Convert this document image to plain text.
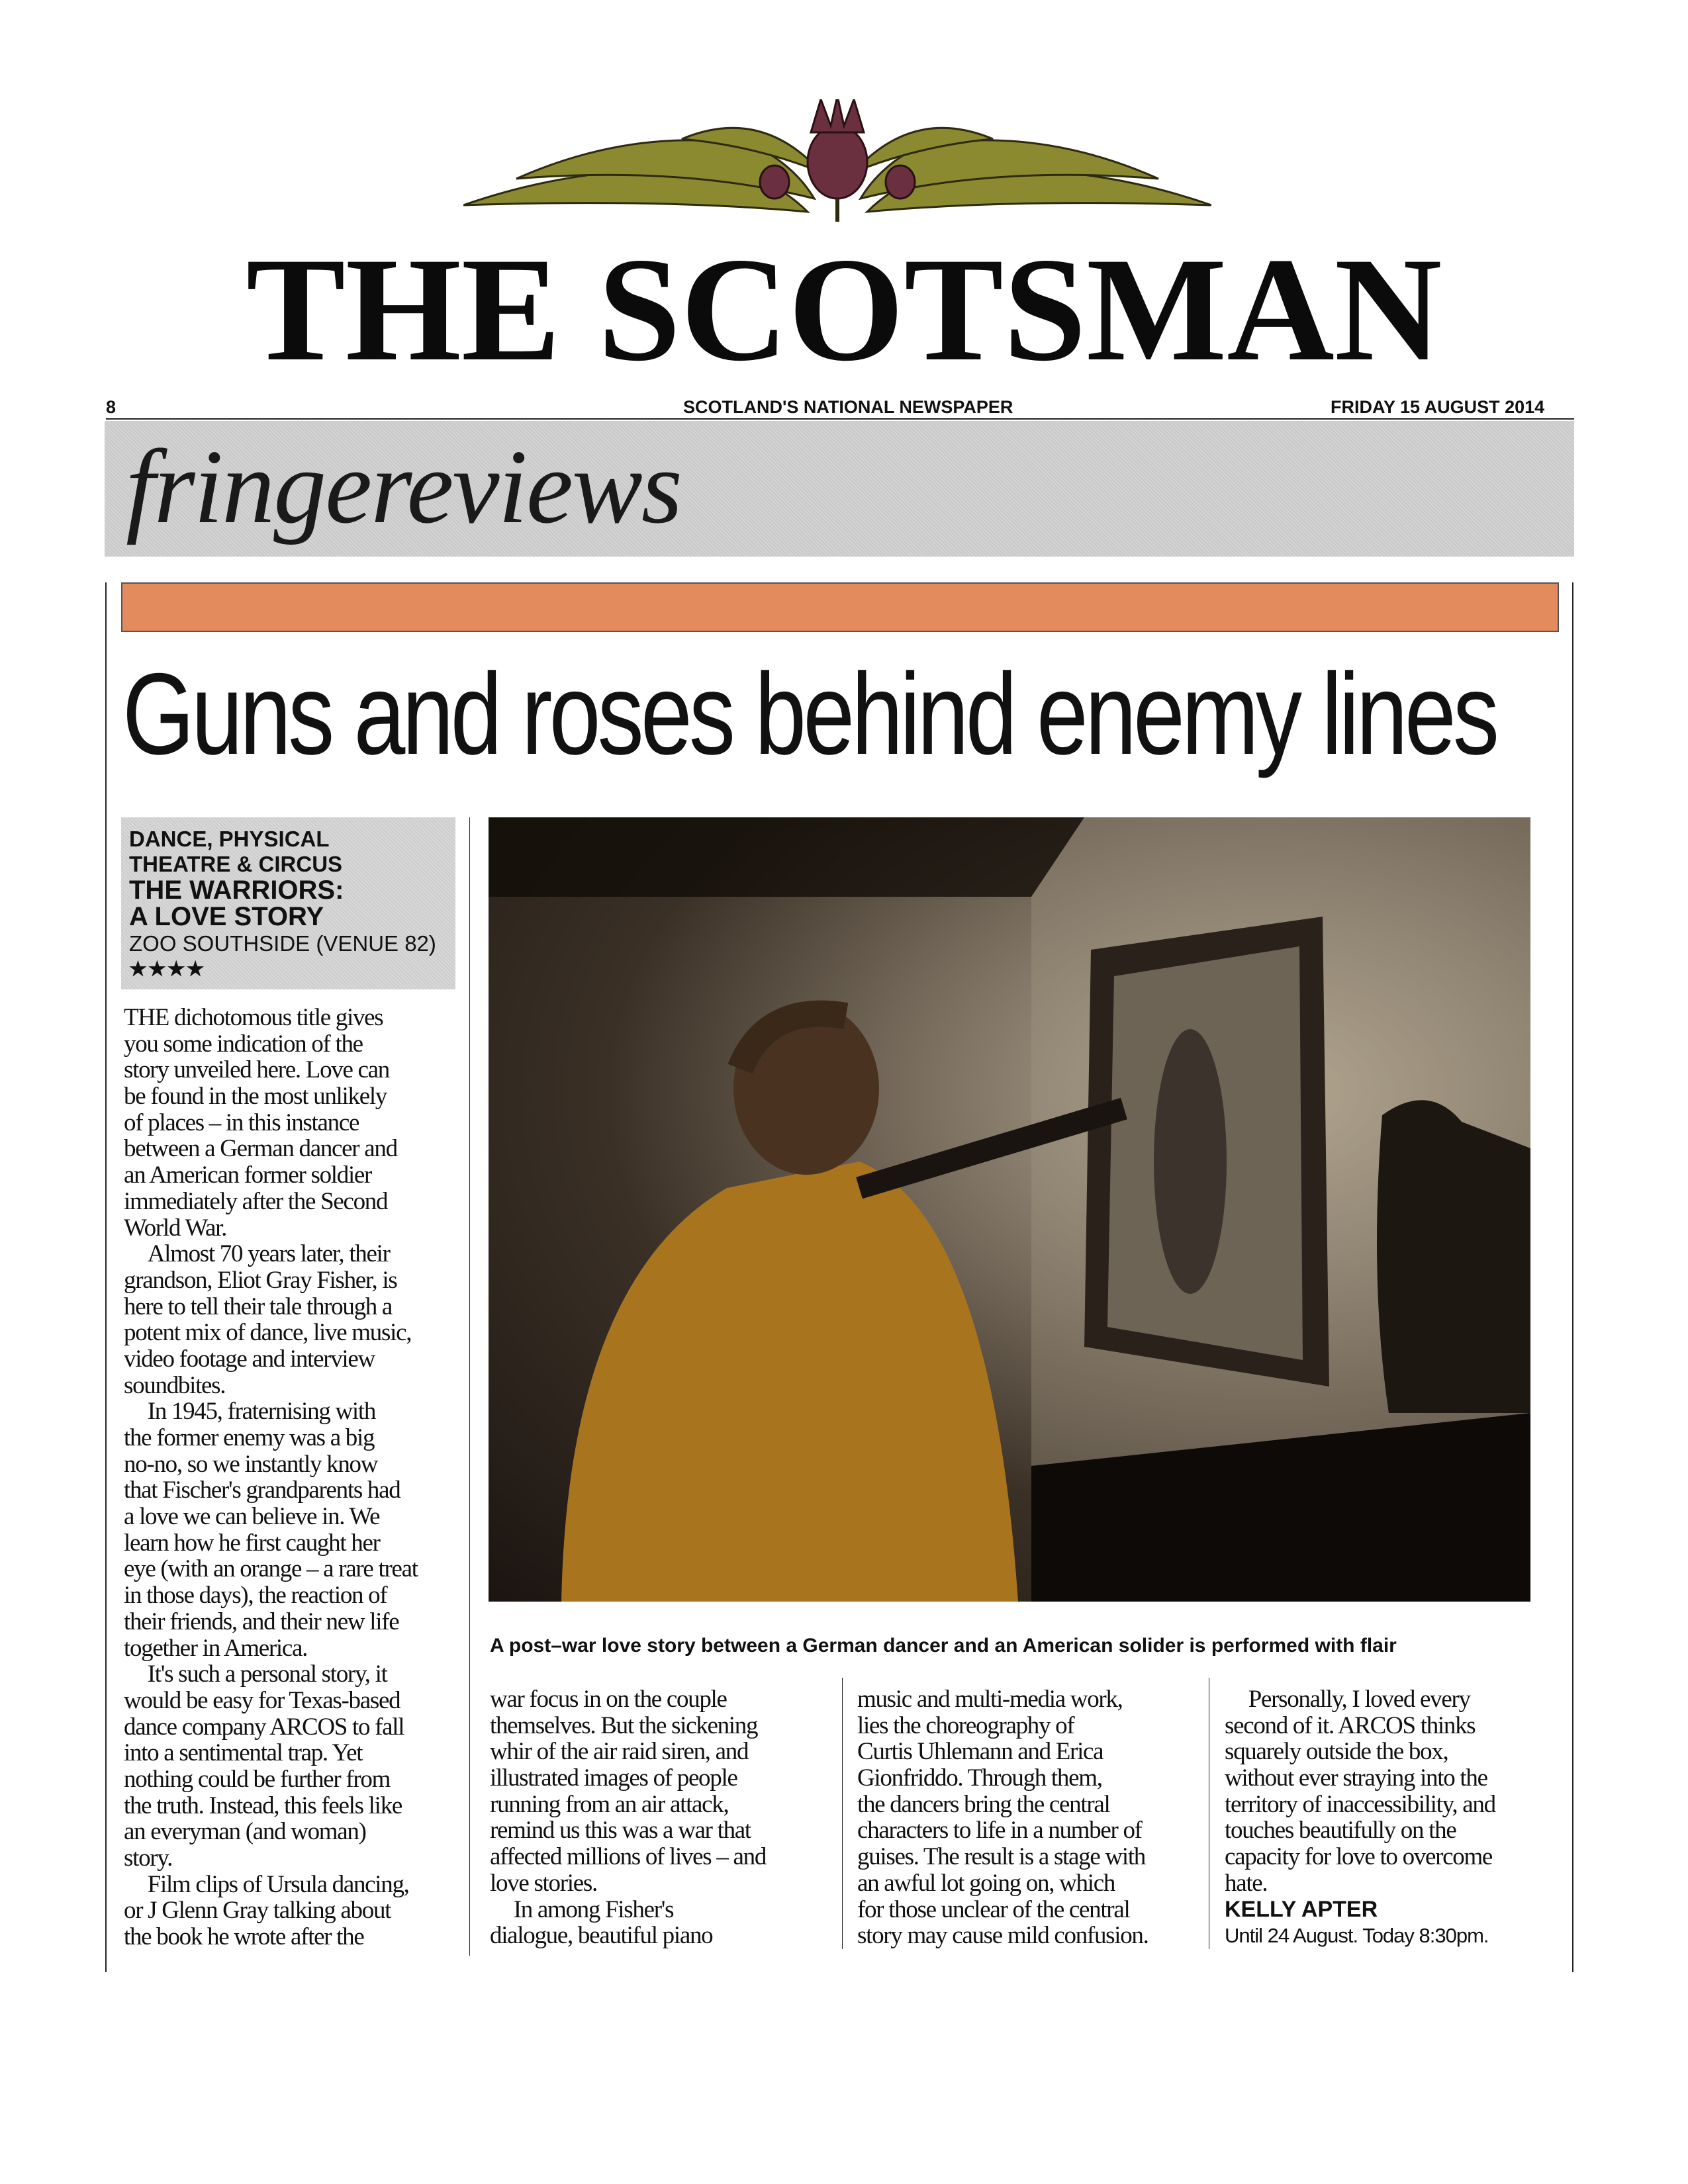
THE SCOTSMAN
8	SCOTLAND'S NATIONAL NEWSPAPER	FRIDAY 15 AUGUST 2014
fringereviews
Guns and roses behind enemy lines
DANCE, PHYSICAL
THEATRE & CIRCUS
THE WARRIORS:
A LOVE STORY
ZOO SOUTHSIDE (VENUE 82)
★★★★
THE dichotomous title gives
you some indication of the
story unveiled here. Love can
be found in the most unlikely
of places – in this instance
between a German dancer and
an American former soldier
immediately after the Second
World War.
 Almost 70 years later, their
grandson, Eliot Gray Fisher, is
here to tell their tale through a
potent mix of dance, live music,
video footage and interview
soundbites.
 In 1945, fraternising with
the former enemy was a big
no-no, so we instantly know
that Fischer's grandparents had
a love we can believe in. We
learn how he first caught her
eye (with an orange – a rare treat
in those days), the reaction of
their friends, and their new life
together in America.
 It's such a personal story, it
would be easy for Texas-based
dance company ARCOS to fall
into a sentimental trap. Yet
nothing could be further from
the truth. Instead, this feels like
an everyman (and woman)
story.
 Film clips of Ursula dancing,
or J Glenn Gray talking about
the book he wrote after the
A post–war love story between a German dancer and an American solider is performed with flair
war focus in on the couple
themselves. But the sickening
whir of the air raid siren, and
illustrated images of people
running from an air attack,
remind us this was a war that
affected millions of lives – and
love stories.
 In among Fisher's
dialogue, beautiful piano
music and multi-media work,
lies the choreography of
Curtis Uhlemann and Erica
Gionfriddo. Through them,
the dancers bring the central
characters to life in a number of
guises. The result is a stage with
an awful lot going on, which
for those unclear of the central
story may cause mild confusion.
 Personally, I loved every
second of it. ARCOS thinks
squarely outside the box,
without ever straying into the
territory of inaccessibility, and
touches beautifully on the
capacity for love to overcome
hate.
KELLY APTER
Until 24 August. Today 8:30pm.
